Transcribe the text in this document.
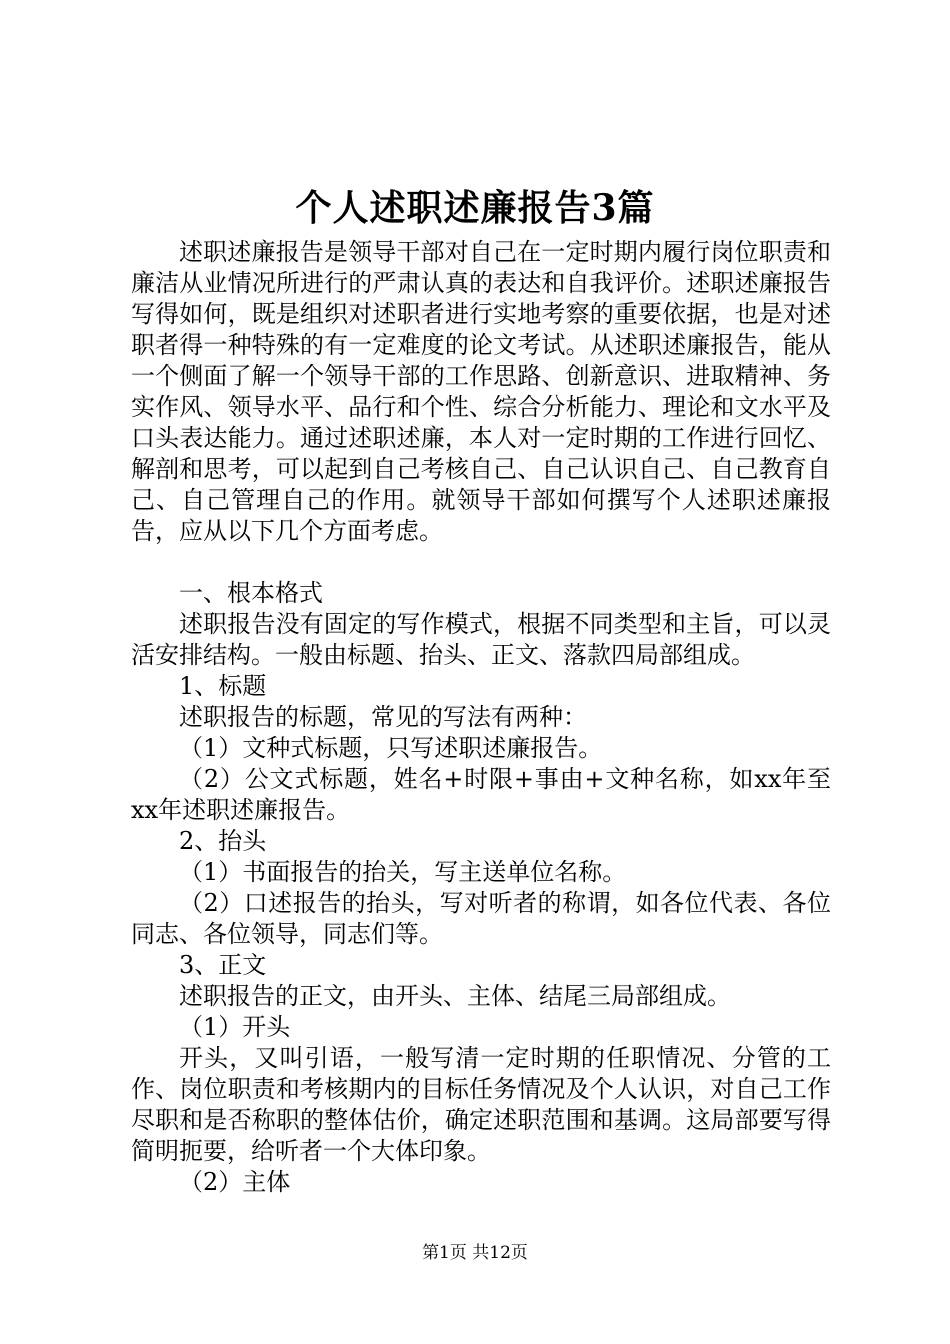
个人述职述廉报告3篇

述职述廉报告是领导干部对自己在一定时期内履行岗位职责和廉洁从业情况所进行的严肃认真的表达和自我评价。述职述廉报告写得如何，既是组织对述职者进行实地考察的重要依据，也是对述职者得一种特殊的有一定难度的论文考试。从述职述廉报告，能从一个侧面了解一个领导干部的工作思路、创新意识、进取精神、务实作风、领导水平、品行和个性、综合分析能力、理论和文水平及口头表达能力。通过述职述廉，本人对一定时期的工作进行回忆、解剖和思考，可以起到自己考核自己、自己认识自己、自己教育自己、自己管理自己的作用。就领导干部如何撰写个人述职述廉报告，应从以下几个方面考虑。

一、根本格式

述职报告没有固定的写作模式，根据不同类型和主旨，可以灵活安排结构。一般由标题、抬头、正文、落款四局部组成。

1、标题

述职报告的标题，常见的写法有两种：

（1）文种式标题，只写述职述廉报告。

（2）公文式标题，姓名+时限+事由+文种名称，如xx年至xx年述职述廉报告。

2、抬头

（1）书面报告的抬关，写主送单位名称。

（2）口述报告的抬头，写对听者的称谓，如各位代表、各位同志、各位领导，同志们等。

3、正文

述职报告的正文，由开头、主体、结尾三局部组成。

（1）开头

开头，又叫引语，一般写清一定时期的任职情况、分管的工作、岗位职责和考核期内的目标任务情况及个人认识，对自己工作尽职和是否称职的整体估价，确定述职范围和基调。这局部要写得简明扼要，给听者一个大体印象。

（2）主体

第1页 共12页
